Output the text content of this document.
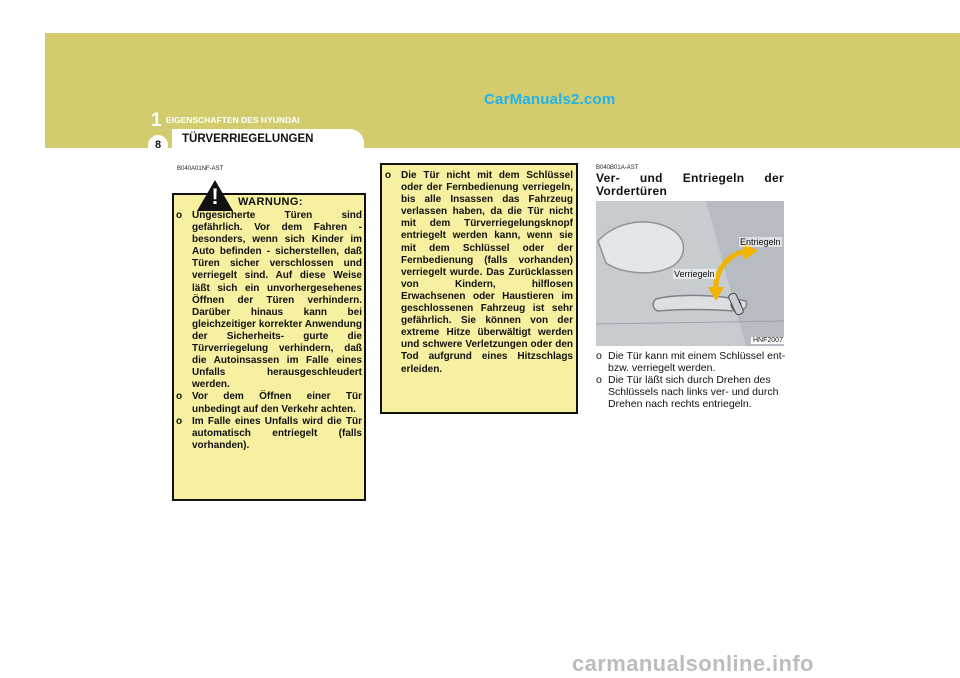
CarManuals2.com
1 EIGENSCHAFTEN DES HYUNDAI
8	TÜRVERRIEGELUNGEN
B040A01NF-AST
!	WARNUNG:
o Ungesicherte Türen sind gefährlich. Vor dem Fahren - besonders, wenn sich Kinder im Auto befinden - sicherstellen, daß Türen sicher verschlossen und verriegelt sind. Auf diese Weise läßt sich ein unvorhergesehenes Öffnen der Türen verhindern. Darüber hinaus kann bei gleichzeitiger korrekter Anwendung der Sicherheits- gurte die Türverriegelung verhindern, daß die Autoinsassen im Falle eines Unfalls herausgeschleudert werden.
o Vor dem Öffnen einer Tür unbedingt auf den Verkehr achten.
o Im Falle eines Unfalls wird die Tür automatisch entriegelt (falls vorhanden).
o Die Tür nicht mit dem Schlüssel oder der Fernbedienung verriegeln, bis alle Insassen das Fahrzeug verlassen haben, da die Tür nicht mit dem Türverriegelungsknopf entriegelt werden kann, wenn sie mit dem Schlüssel oder der Fernbedienung (falls vorhanden) verriegelt wurde. Das Zurücklassen von Kindern, hilflosen Erwachsenen oder Haustieren im geschlossenen Fahrzeug ist sehr gefährlich. Sie können von der extreme Hitze überwältigt werden und schwere Verletzungen oder den Tod aufgrund eines Hitzschlags erleiden.
B040B01A-AST
Ver- und Entriegeln der Vordertüren
Entriegeln
Verriegeln
HNF2007
o Die Tür kann mit einem Schlüssel ent- bzw. verriegelt werden.
o Die Tür läßt sich durch Drehen des Schlüssels nach links ver- und durch Drehen nach rechts entriegeln.
carmanualsonline.info
